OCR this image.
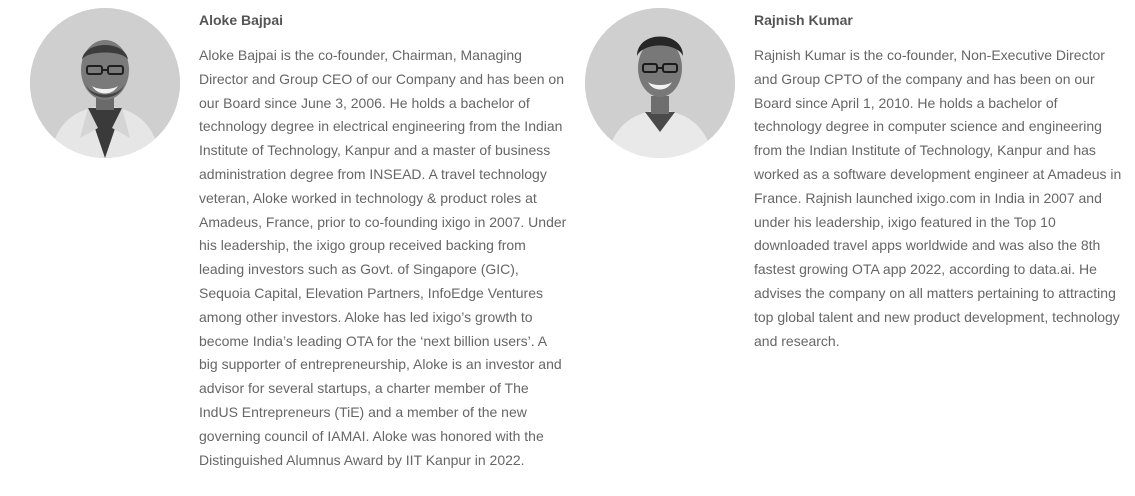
Aloke Bajpai

Aloke Bajpai is the co-founder, Chairman, Managing Director and Group CEO of our Company and has been on our Board since June 3, 2006. He holds a bachelor of technology degree in electrical engineering from the Indian Institute of Technology, Kanpur and a master of business administration degree from INSEAD. A travel technology veteran, Aloke worked in technology & product roles at Amadeus, France, prior to co-founding ixigo in 2007. Under his leadership, the ixigo group received backing from leading investors such as Govt. of Singapore (GIC), Sequoia Capital, Elevation Partners, InfoEdge Ventures among other investors. Aloke has led ixigo’s growth to become India’s leading OTA for the ‘next billion users’. A big supporter of entrepreneurship, Aloke is an investor and advisor for several startups, a charter member of The IndUS Entrepreneurs (TiE) and a member of the new governing council of IAMAI. Aloke was honored with the Distinguished Alumnus Award by IIT Kanpur in 2022.

Rajnish Kumar

Rajnish Kumar is the co-founder, Non-Executive Director and Group CPTO of the company and has been on our Board since April 1, 2010. He holds a bachelor of technology degree in computer science and engineering from the Indian Institute of Technology, Kanpur and has worked as a software development engineer at Amadeus in France. Rajnish launched ixigo.com in India in 2007 and under his leadership, ixigo featured in the Top 10 downloaded travel apps worldwide and was also the 8th fastest growing OTA app 2022, according to data.ai. He advises the company on all matters pertaining to attracting top global talent and new product development, technology and research.
